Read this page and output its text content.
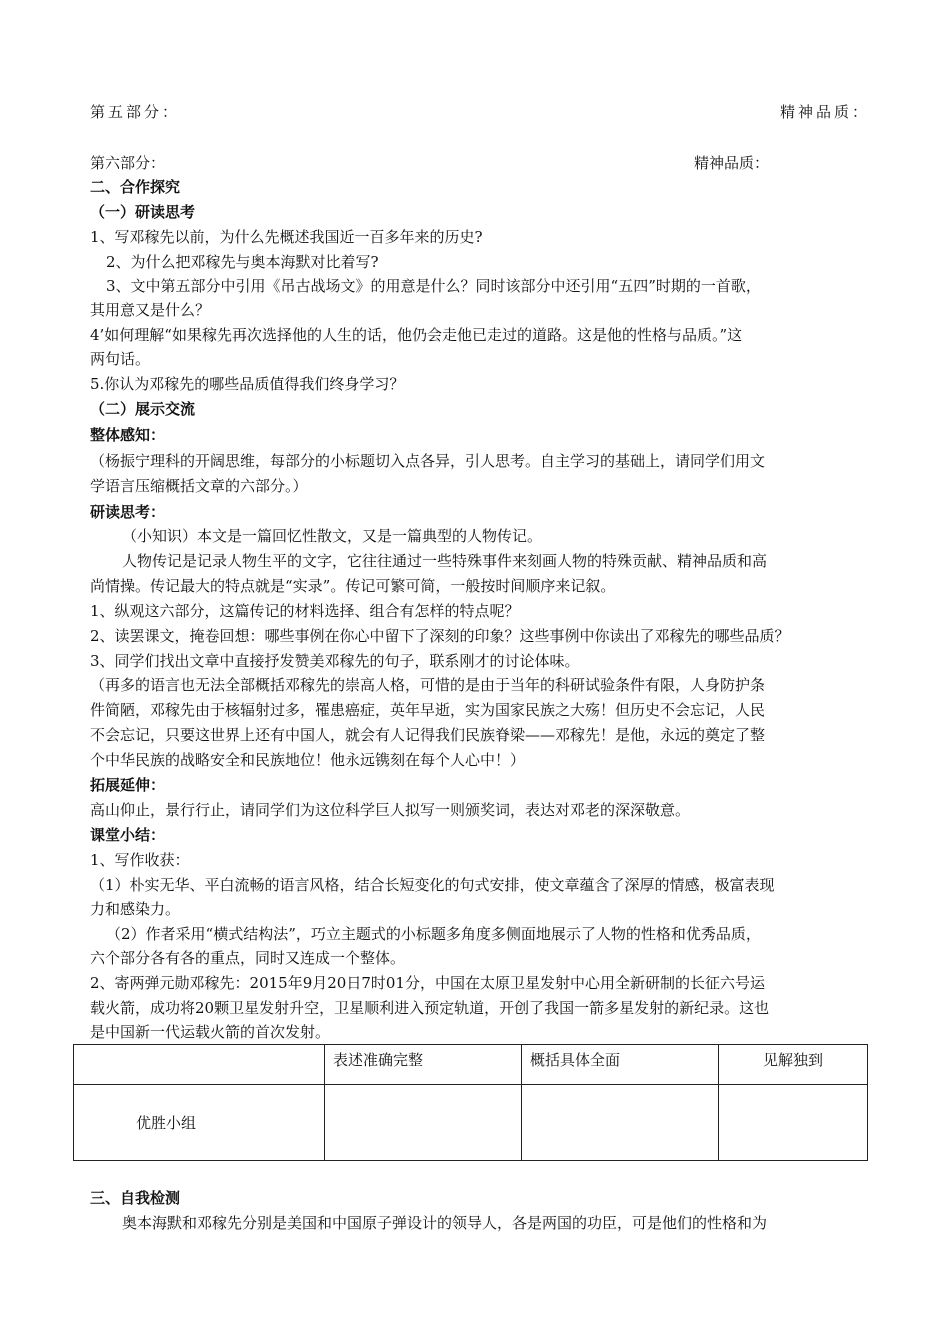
第五部分：	精神品质：
第六部分：	精神品质：
二、合作探究
（一）研读思考
1、写邓稼先以前，为什么先概述我国近一百多年来的历史?
2、为什么把邓稼先与奥本海默对比着写?
3、文中第五部分中引用《吊古战场文》的用意是什么？同时该部分中还引用“五四”时期的一首歌，
其用意又是什么？
4’如何理解“如果稼先再次选择他的人生的话，他仍会走他已走过的道路。这是他的性格与品质。”这
两句话。
5.你认为邓稼先的哪些品质值得我们终身学习？
（二）展示交流
整体感知：
（杨振宁理科的开阔思维，每部分的小标题切入点各异，引人思考。自主学习的基础上，请同学们用文
学语言压缩概括文章的六部分。）
研读思考：
（小知识）本文是一篇回忆性散文，又是一篇典型的人物传记。
人物传记是记录人物生平的文字，它往往通过一些特殊事件来刻画人物的特殊贡献、精神品质和高
尚情操。传记最大的特点就是“实录”。传记可繁可简，一般按时间顺序来记叙。
1、纵观这六部分，这篇传记的材料选择、组合有怎样的特点呢？
2、读罢课文，掩卷回想：哪些事例在你心中留下了深刻的印象？这些事例中你读出了邓稼先的哪些品质？
3、同学们找出文章中直接抒发赞美邓稼先的句子，联系刚才的讨论体味。
（再多的语言也无法全部概括邓稼先的崇高人格，可惜的是由于当年的科研试验条件有限，人身防护条
件简陋，邓稼先由于核辐射过多，罹患癌症，英年早逝，实为国家民族之大殇！但历史不会忘记，人民
不会忘记，只要这世界上还有中国人，就会有人记得我们民族脊梁——邓稼先！是他，永远的奠定了整
个中华民族的战略安全和民族地位！他永远镌刻在每个人心中！）
拓展延伸：
高山仰止，景行行止，请同学们为这位科学巨人拟写一则颁奖词，表达对邓老的深深敬意。
课堂小结：
1、写作收获：
（1）朴实无华、平白流畅的语言风格，结合长短变化的句式安排，使文章蕴含了深厚的情感，极富表现
力和感染力。
（2）作者采用“横式结构法”，巧立主题式的小标题多角度多侧面地展示了人物的性格和优秀品质，
六个部分各有各的重点，同时又连成一个整体。
2、寄两弹元勋邓稼先：2015年9月20日7时01分，中国在太原卫星发射中心用全新研制的长征六号运
载火箭，成功将20颗卫星发射升空，卫星顺利进入预定轨道，开创了我国一箭多星发射的新纪录。这也
是中国新一代运载火箭的首次发射。
	表述准确完整	概括具体全面	见解独到
优胜小组			
三、自我检测
奥本海默和邓稼先分别是美国和中国原子弹设计的领导人，各是两国的功臣，可是他们的性格和为
